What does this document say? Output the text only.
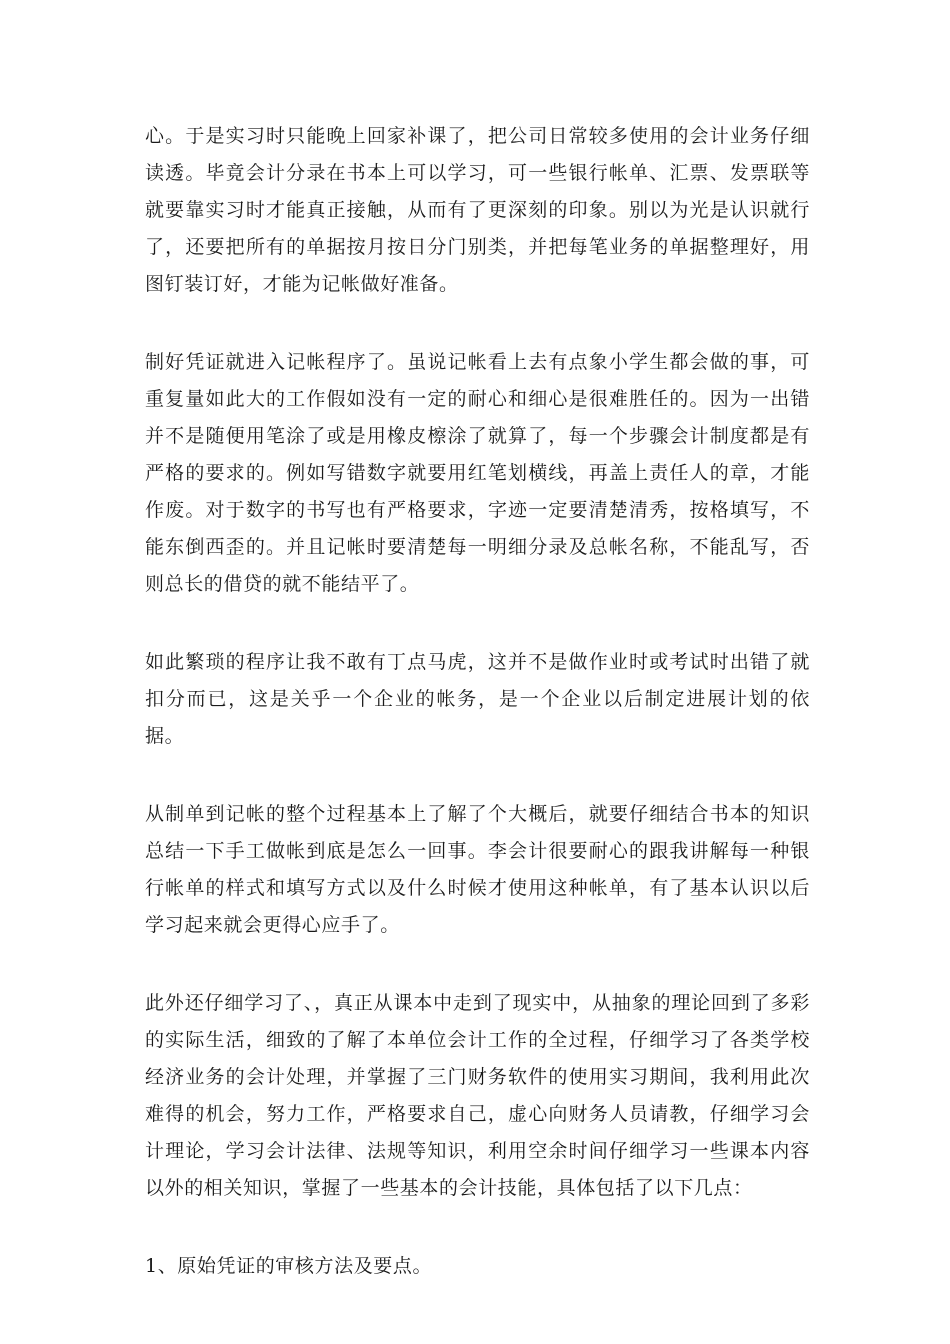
心。于是实习时只能晚上回家补课了，把公司日常较多使用的会计业务仔细读透。毕竟会计分录在书本上可以学习，可一些银行帐单、汇票、发票联等就要靠实习时才能真正接触，从而有了更深刻的印象。别以为光是认识就行了，还要把所有的单据按月按日分门别类，并把每笔业务的单据整理好，用图钉装订好，才能为记帐做好准备。

制好凭证就进入记帐程序了。虽说记帐看上去有点象小学生都会做的事，可重复量如此大的工作假如没有一定的耐心和细心是很难胜任的。因为一出错并不是随便用笔涂了或是用橡皮檫涂了就算了，每一个步骤会计制度都是有严格的要求的。例如写错数字就要用红笔划横线，再盖上责任人的章，才能作废。对于数字的书写也有严格要求，字迹一定要清楚清秀，按格填写，不能东倒西歪的。并且记帐时要清楚每一明细分录及总帐名称，不能乱写，否则总长的借贷的就不能结平了。

如此繁琐的程序让我不敢有丁点马虎，这并不是做作业时或考试时出错了就扣分而已，这是关乎一个企业的帐务，是一个企业以后制定进展计划的依据。

从制单到记帐的整个过程基本上了解了个大概后，就要仔细结合书本的知识总结一下手工做帐到底是怎么一回事。李会计很要耐心的跟我讲解每一种银行帐单的样式和填写方式以及什么时候才使用这种帐单，有了基本认识以后学习起来就会更得心应手了。

此外还仔细学习了、，真正从课本中走到了现实中，从抽象的理论回到了多彩的实际生活，细致的了解了本单位会计工作的全过程，仔细学习了各类学校经济业务的会计处理，并掌握了三门财务软件的使用实习期间，我利用此次难得的机会，努力工作，严格要求自己，虚心向财务人员请教，仔细学习会计理论，学习会计法律、法规等知识，利用空余时间仔细学习一些课本内容以外的相关知识，掌握了一些基本的会计技能，具体包括了以下几点：

1、原始凭证的审核方法及要点。
